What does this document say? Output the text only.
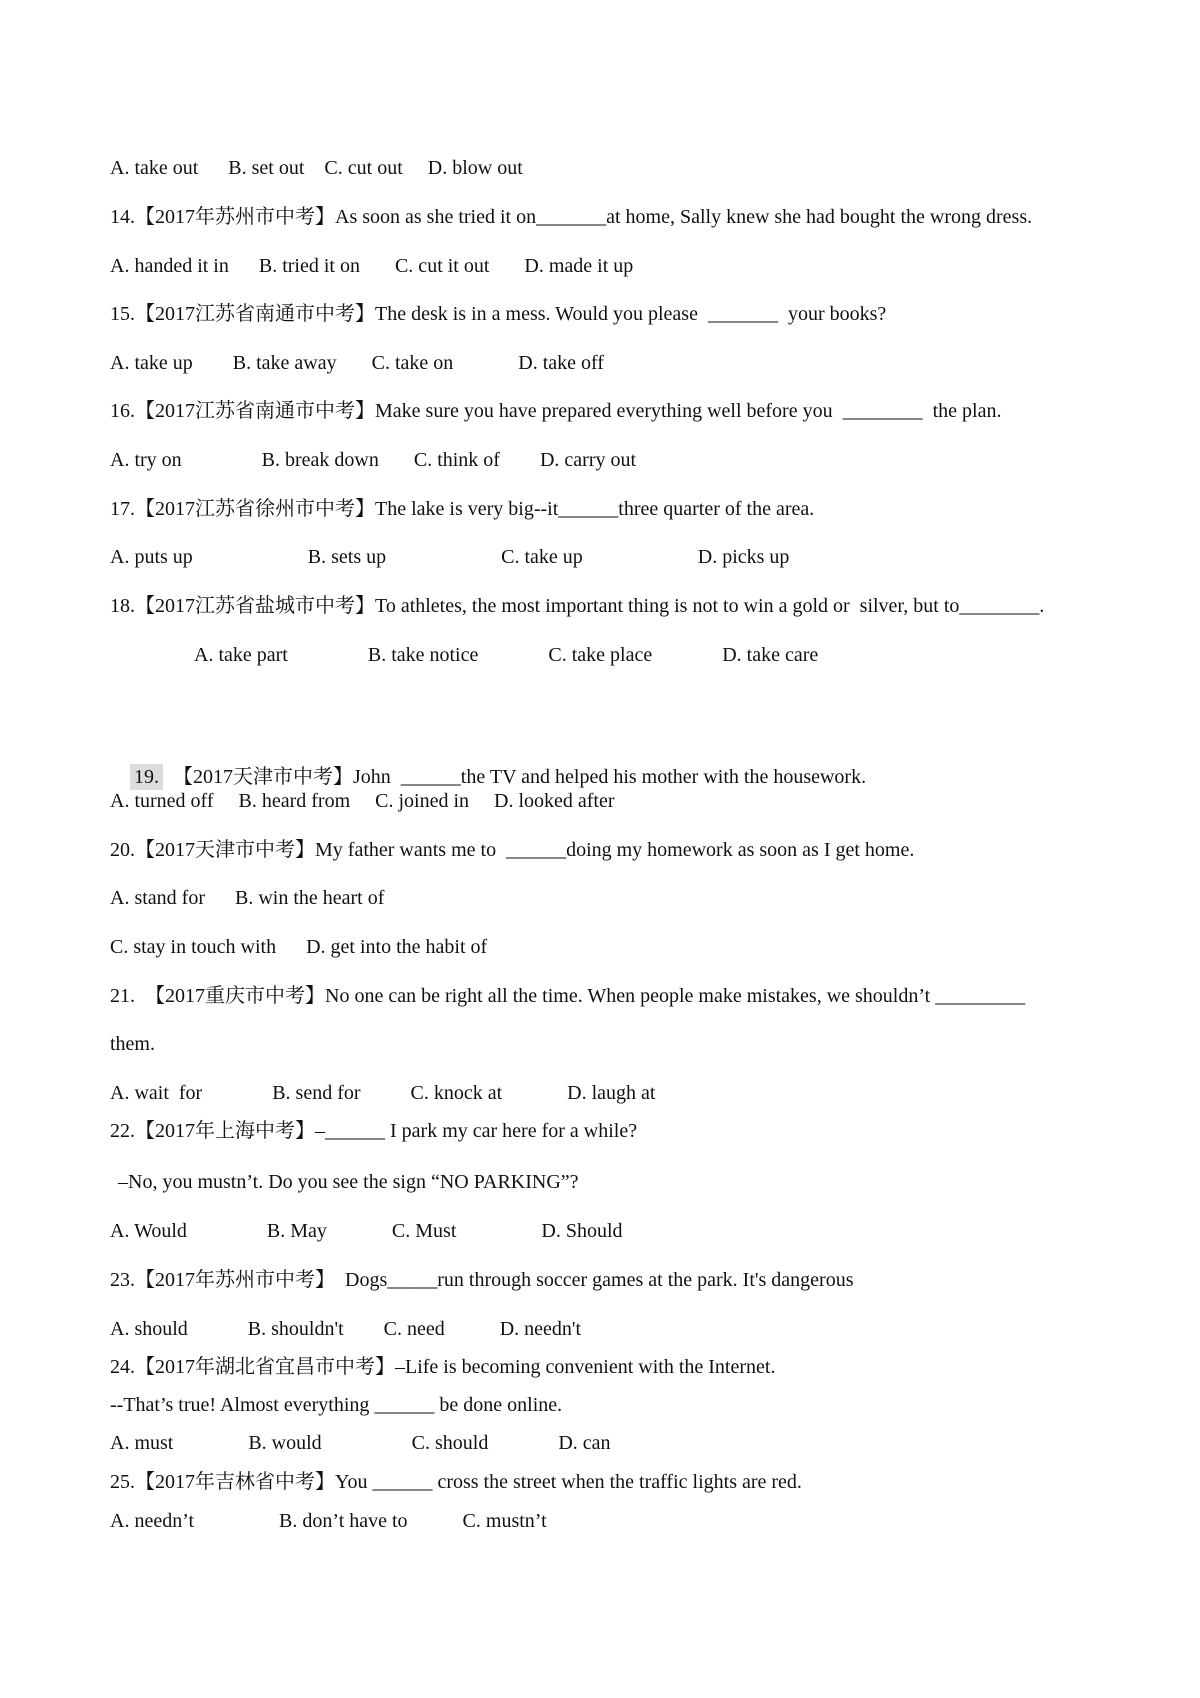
A. take out      B. set out    C. cut out     D. blow out
14.【2017年苏州市中考】As soon as she tried it on_______at home, Sally knew she had bought the wrong dress.
A. handed it in      B. tried it on       C. cut it out       D. made it up
15.【2017江苏省南通市中考】The desk is in a mess. Would you please  _______  your books?
A. take up        B. take away       C. take on             D. take off
16.【2017江苏省南通市中考】Make sure you have prepared everything well before you  ________  the plan.
A. try on                B. break down       C. think of        D. carry out
17.【2017江苏省徐州市中考】The lake is very big--it______three quarter of the area.
A. puts up                       B. sets up                       C. take up                       D. picks up
18.【2017江苏省盐城市中考】To athletes, the most important thing is not to win a gold or  silver, but to________.
A. take part                B. take notice              C. take place              D. take care

19. 【2017天津市中考】John  ______the TV and helped his mother with the housework.

A. turned off     B. heard from     C. joined in     D. looked after
20.【2017天津市中考】My father wants me to  ______doing my homework as soon as I get home.
A. stand for      B. win the heart of
C. stay in touch with      D. get into the habit of
21.  【2017重庆市中考】No one can be right all the time. When people make mistakes, we shouldn’t _________
them.
A. wait  for              B. send for          C. knock at             D. laugh at
22.【2017年上海中考】–______ I park my car here for a while?
–No, you mustn’t. Do you see the sign “NO PARKING”?
A. Would                B. May             C. Must                 D. Should
23.【2017年苏州市中考】  Dogs_____run through soccer games at the park. It's dangerous
A. should            B. shouldn't        C. need           D. needn't
24.【2017年湖北省宜昌市中考】–Life is becoming convenient with the Internet.
--That’s true! Almost everything ______ be done online.
A. must               B. would                  C. should              D. can
25.【2017年吉林省中考】You ______ cross the street when the traffic lights are red.
A. needn’t                 B. don’t have to           C. mustn’t
